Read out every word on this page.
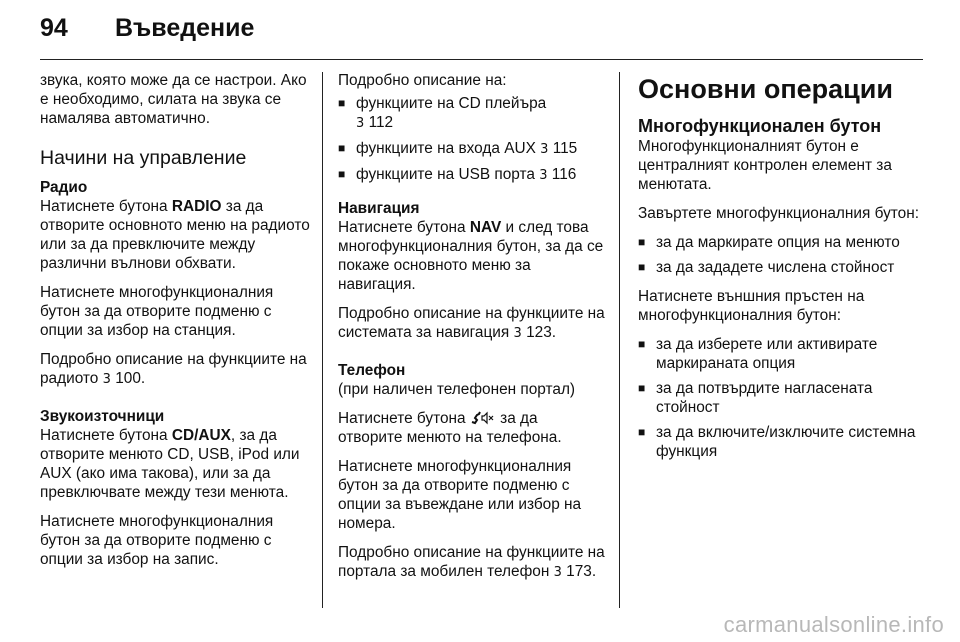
94 Въведение

звука, която може да се настрои. Ако е необходимо, силата на звука се намалява автоматично.

Начини на управление
Радио

Натиснете бутона RADIO за да отворите основното меню на радиото или за да превключите между различни вълнови обхвати.

Натиснете многофункционалния бутон за да отворите подменю с опции за избор на станция.

Подробно описание на функциите на радиото 3 100.

Звукоизточници

Натиснете бутона CD/AUX, за да отворите менюто CD, USB, iPod или AUX (ако има такова), или за да превключвате между тези менюта.

Натиснете многофункционалния бутон за да отворите подменю с опции за избор на запис.

Подробно описание на:

■ функциите на CD плейъра
3 112
■ функциите на входа AUX 3 115
■ функциите на USB порта 3 116
Навигация

Натиснете бутона NAV и след това многофункционалния бутон, за да се покаже основното меню за навигация.

Подробно описание на функциите на системата за навигация 3 123.

Телефон

(при наличен телефонен портал)

Натиснете бутона  за да отворите менюто на телефона.

Натиснете многофункционалния бутон за да отворите подменю с опции за въвеждане или избор на номера.

Подробно описание на функциите на портала за мобилен телефон 3 173.

Основни операции
Многофункционален бутон

Многофункционалният бутон е централният контролен елемент за менютата.

Завъртете многофункционалния бутон:

■ за да маркирате опция на менюто
■ за да зададете числена стойност

Натиснете външния пръстен на многофункционалния бутон:

■ за да изберете или активирате маркираната опция
■ за да потвърдите нагласената стойност
■ за да включите/изключите системна функция
carmanualsonline.info
